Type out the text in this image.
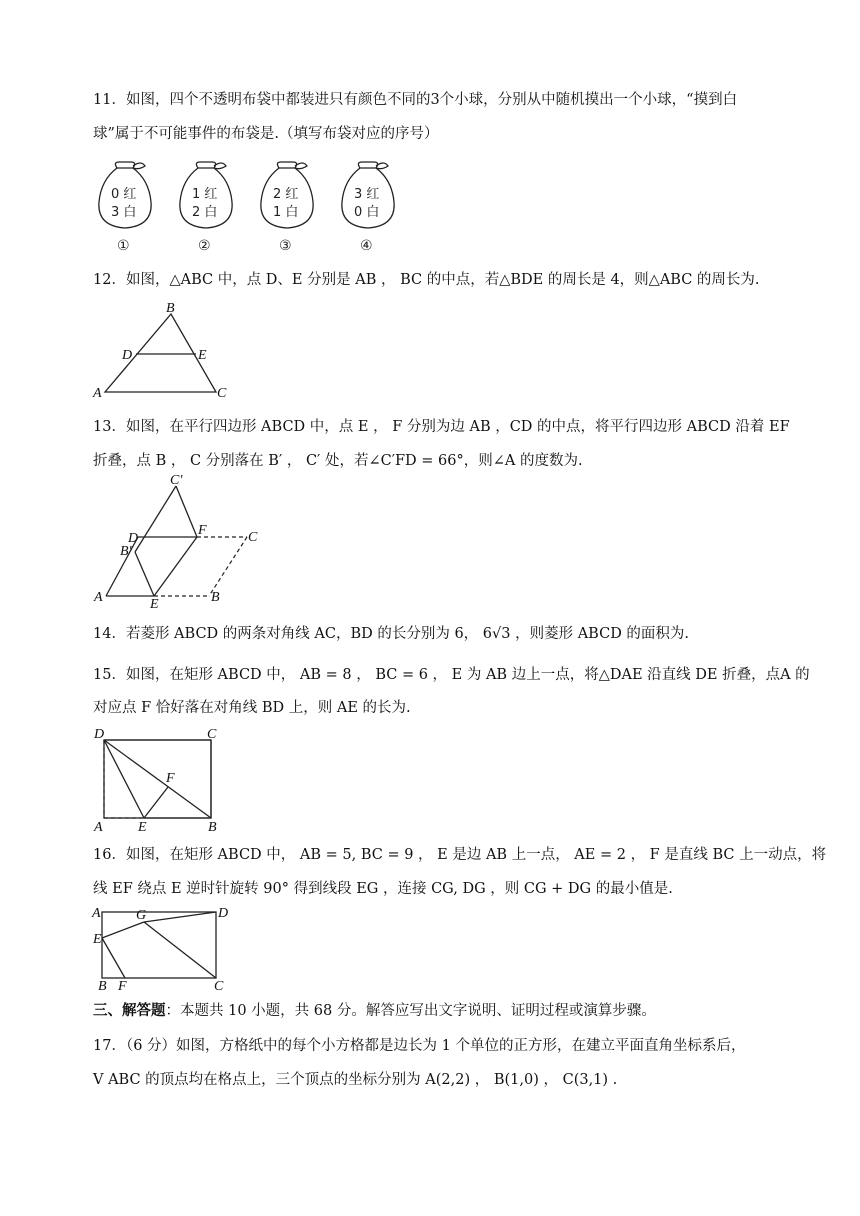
11．如图，四个不透明布袋中都装进只有颜色不同的3个小球，分别从中随机摸出一个小球，“摸到白
球”属于不可能事件的布袋是.（填写布袋对应的序号）
0 红
3 白
①
1 红
2 白
②
2 红
1 白
③
3 红
0 白
④
12．如图，△ABC 中，点 D、E 分别是 AB ， BC 的中点，若△BDE 的周长是 4，则△ABC 的周长为.
A
B
C
D	E
13．如图，在平行四边形 ABCD 中，点 E ， F 分别为边 AB ，CD 的中点，将平行四边形 ABCD 沿着 EF
折叠，点 B ， C 分别落在 B′ ， C′ 处，若∠C′FD = 66°，则∠A 的度数为.
A	B
C
D
E
F
B′
C′
14．若菱形 ABCD 的两条对角线 AC，BD 的长分别为 6， 6√3 ，则菱形 ABCD 的面积为.
15．如图，在矩形 ABCD 中， AB = 8 ， BC = 6 ， E 为 AB 边上一点，将△DAE 沿直线 DE 折叠，点A 的
对应点 F 恰好落在对角线 BD 上，则 AE 的长为.
D	C
A	E	B
F
16．如图，在矩形 ABCD 中， AB = 5, BC = 9 ， E 是边 AB 上一点， AE = 2 ， F 是直线 BC 上一动点，将
线 EF 绕点 E 逆时针旋转 90° 得到线段 EG ，连接 CG, DG ，则 CG + DG 的最小值是.
A
E
G	D
B F	C
三、解答题：本题共 10 小题，共 68 分。解答应写出文字说明、证明过程或演算步骤。
17．（6 分）如图，方格纸中的每个小方格都是边长为 1 个单位的正方形，在建立平面直角坐标系后，
V ABC 的顶点均在格点上，三个顶点的坐标分别为 A(2,2) ， B(1,0) ， C(3,1) .
